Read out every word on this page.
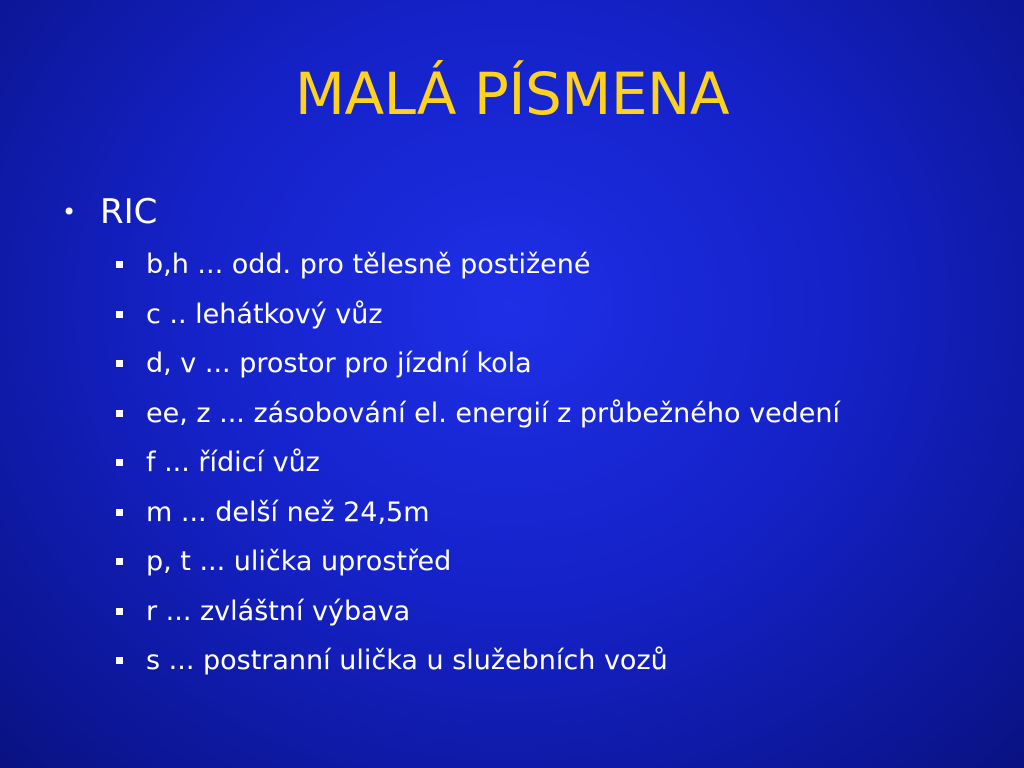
MALÁ PÍSMENA
• RIC
b,h ... odd. pro tělesně postižené
c .. lehátkový vůz
d, v ... prostor pro jízdní kola
ee, z ... zásobování el. energií z průbežného vedení
f ... řídicí vůz
m ... delší než 24,5m
p, t ... ulička uprostřed
r ... zvláštní výbava
s ... postranní ulička u služebních vozů
